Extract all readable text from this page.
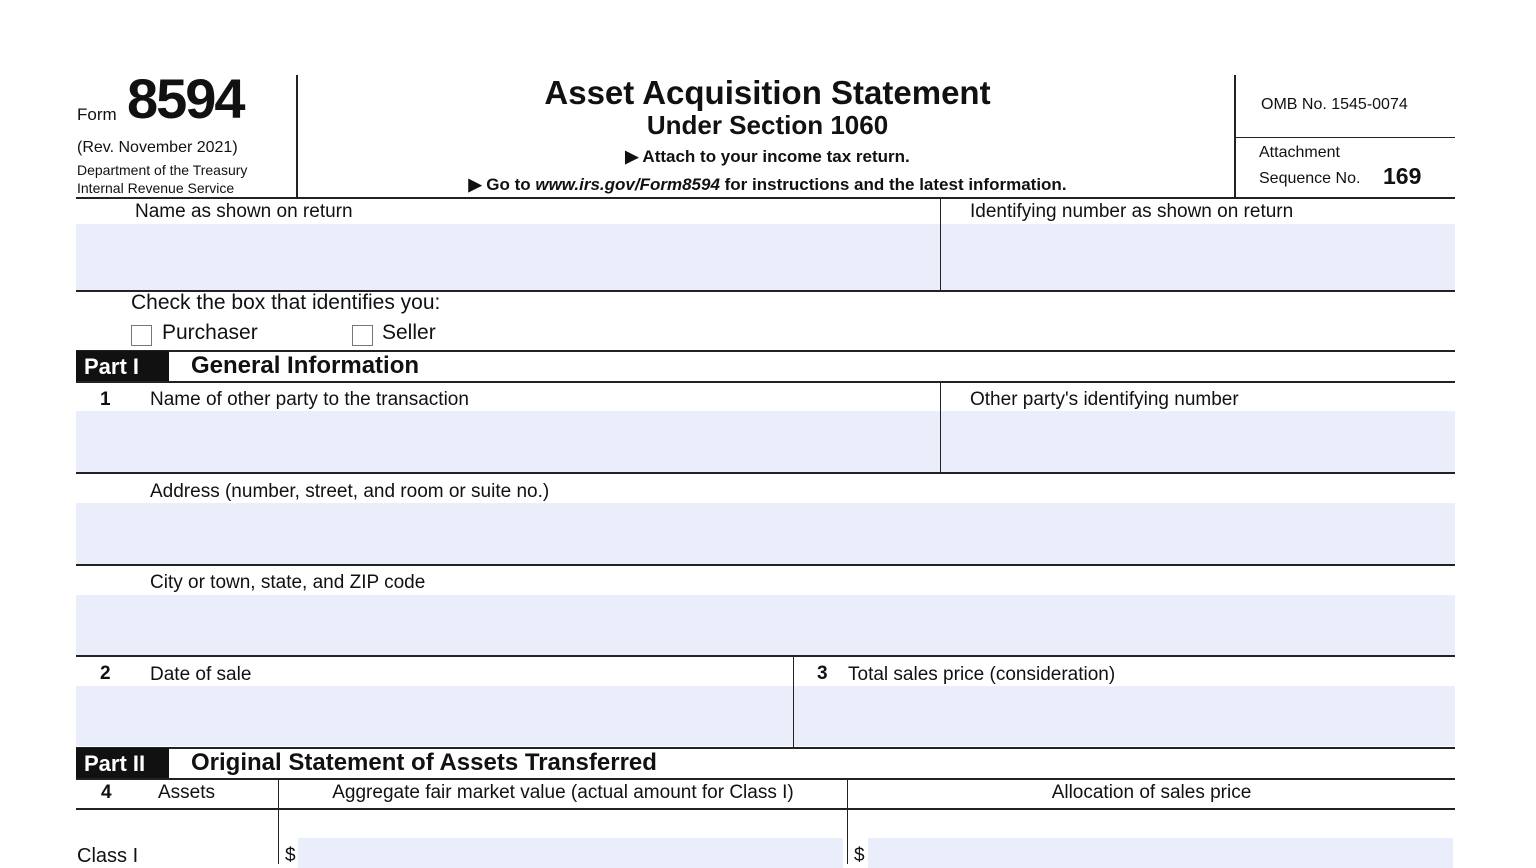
Form 8594
(Rev. November 2021)
Department of the Treasury
Internal Revenue Service
Asset Acquisition Statement
Under Section 1060
▶ Attach to your income tax return.
▶ Go to www.irs.gov/Form8594 for instructions and the latest information.
OMB No. 1545-0074
Attachment
Sequence No. 169
Name as shown on return	Identifying number as shown on return
Check the box that identifies you:
Purchaser	Seller
Part I	General Information
1 Name of other party to the transaction	Other party's identifying number
Address (number, street, and room or suite no.)
City or town, state, and ZIP code
2 Date of sale	3 Total sales price (consideration)
Part II	Original Statement of Assets Transferred
4 Assets	Aggregate fair market value (actual amount for Class I)	Allocation of sales price
Class I	$	$
